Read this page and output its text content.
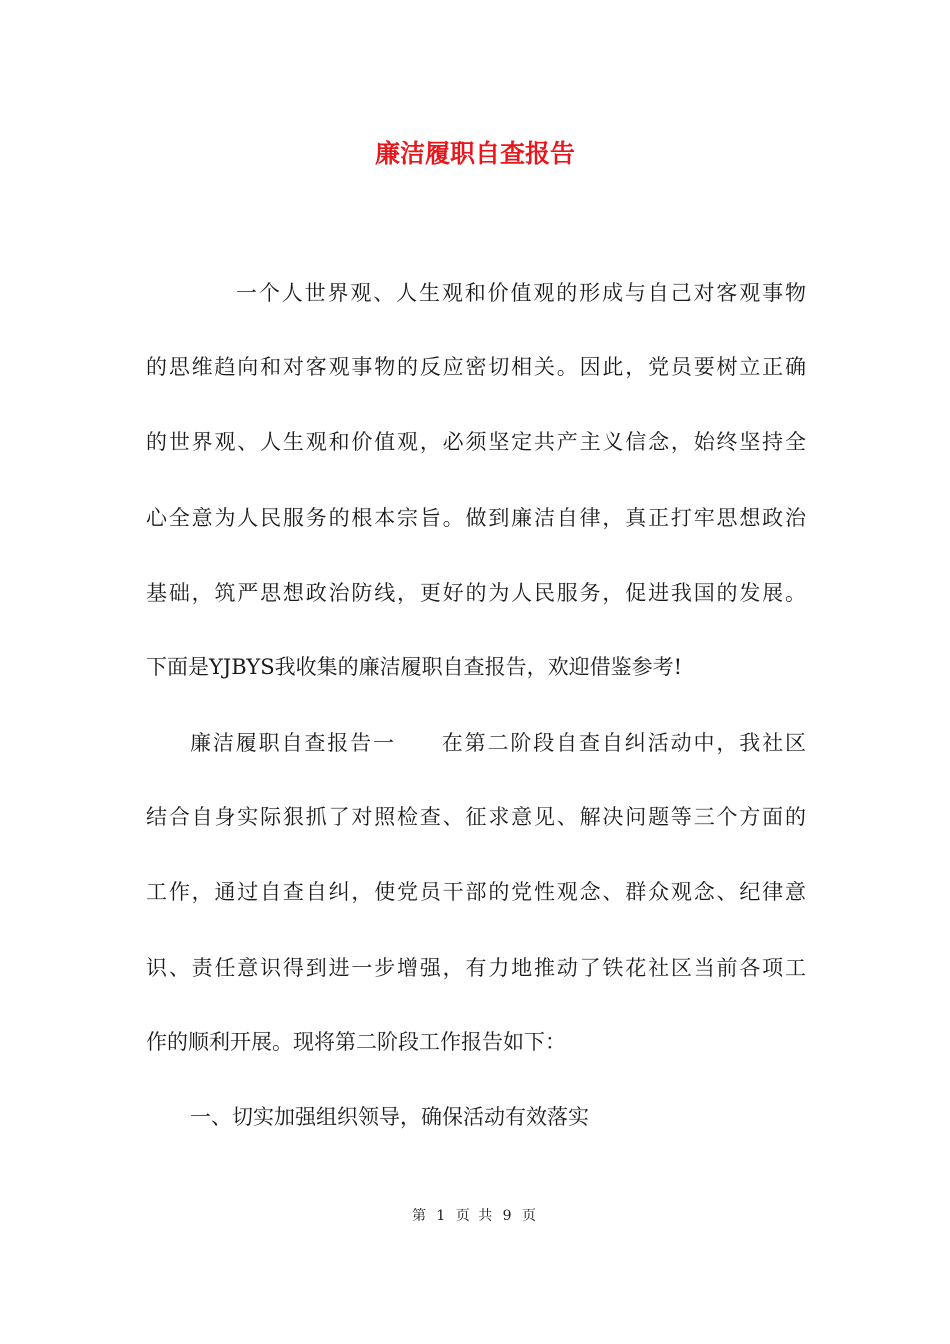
廉洁履职自查报告
一个人世界观、人生观和价值观的形成与自己对客观事物
的思维趋向和对客观事物的反应密切相关。因此，党员要树立正确
的世界观、人生观和价值观，必须坚定共产主义信念，始终坚持全
心全意为人民服务的根本宗旨。做到廉洁自律，真正打牢思想政治
基础，筑严思想政治防线，更好的为人民服务，促进我国的发展。
下面是YJBYS我收集的廉洁履职自查报告，欢迎借鉴参考!
廉洁履职自查报告一　　在第二阶段自查自纠活动中，我社区
结合自身实际狠抓了对照检查、征求意见、解决问题等三个方面的
工作，通过自查自纠，使党员干部的党性观念、群众观念、纪律意
识、责任意识得到进一步增强，有力地推动了铁花社区当前各项工
作的顺利开展。现将第二阶段工作报告如下：
一、切实加强组织领导，确保活动有效落实
第 1 页 共 9 页
